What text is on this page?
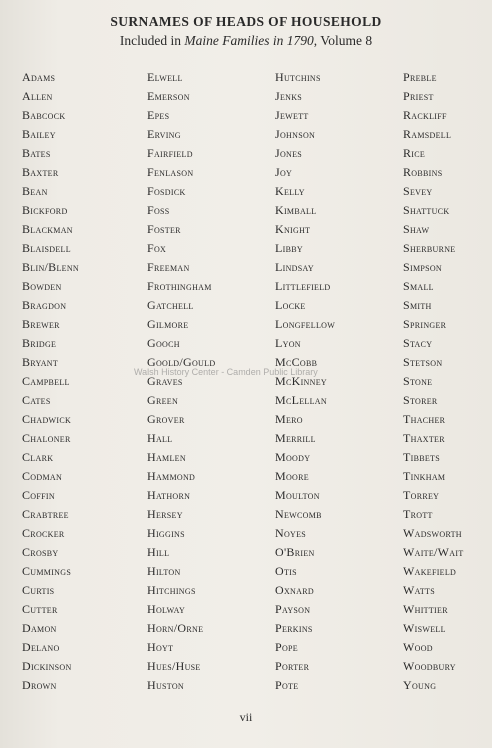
SURNAMES OF HEADS OF HOUSEHOLD
Included in Maine Families in 1790, Volume 8
Adams
Allen
Babcock
Bailey
Bates
Baxter
Bean
Bickford
Blackman
Blaisdell
Blin/Blenn
Bowden
Bragdon
Brewer
Bridge
Bryant
Campbell
Cates
Chadwick
Chaloner
Clark
Codman
Coffin
Crabtree
Crocker
Crosby
Cummings
Curtis
Cutter
Damon
Delano
Dickinson
Drown
Elwell
Emerson
Epes
Erving
Fairfield
Fenlason
Fosdick
Foss
Foster
Fox
Freeman
Frothingham
Gatchell
Gilmore
Gooch
Goold/Gould
Graves
Green
Grover
Hall
Hamlen
Hammond
Hathorn
Hersey
Higgins
Hill
Hilton
Hitchings
Holway
Horn/Orne
Hoyt
Hues/Huse
Huston
Hutchins
Jenks
Jewett
Johnson
Jones
Joy
Kelly
Kimball
Knight
Libby
Lindsay
Littlefield
Locke
Longfellow
Lyon
McCobb
McKinney
McLellan
Mero
Merrill
Moody
Moore
Moulton
Newcomb
Noyes
O'Brien
Otis
Oxnard
Payson
Perkins
Pope
Porter
Pote
Preble
Priest
Rackliff
Ramsdell
Rice
Robbins
Sevey
Shattuck
Shaw
Sherburne
Simpson
Small
Smith
Springer
Stacy
Stetson
Stone
Storer
Thacher
Thaxter
Tibbets
Tinkham
Torrey
Trott
Wadsworth
Waite/Wait
Wakefield
Watts
Whittier
Wiswell
Wood
Woodbury
Young
Walsh History Center - Camden Public Library
vii
